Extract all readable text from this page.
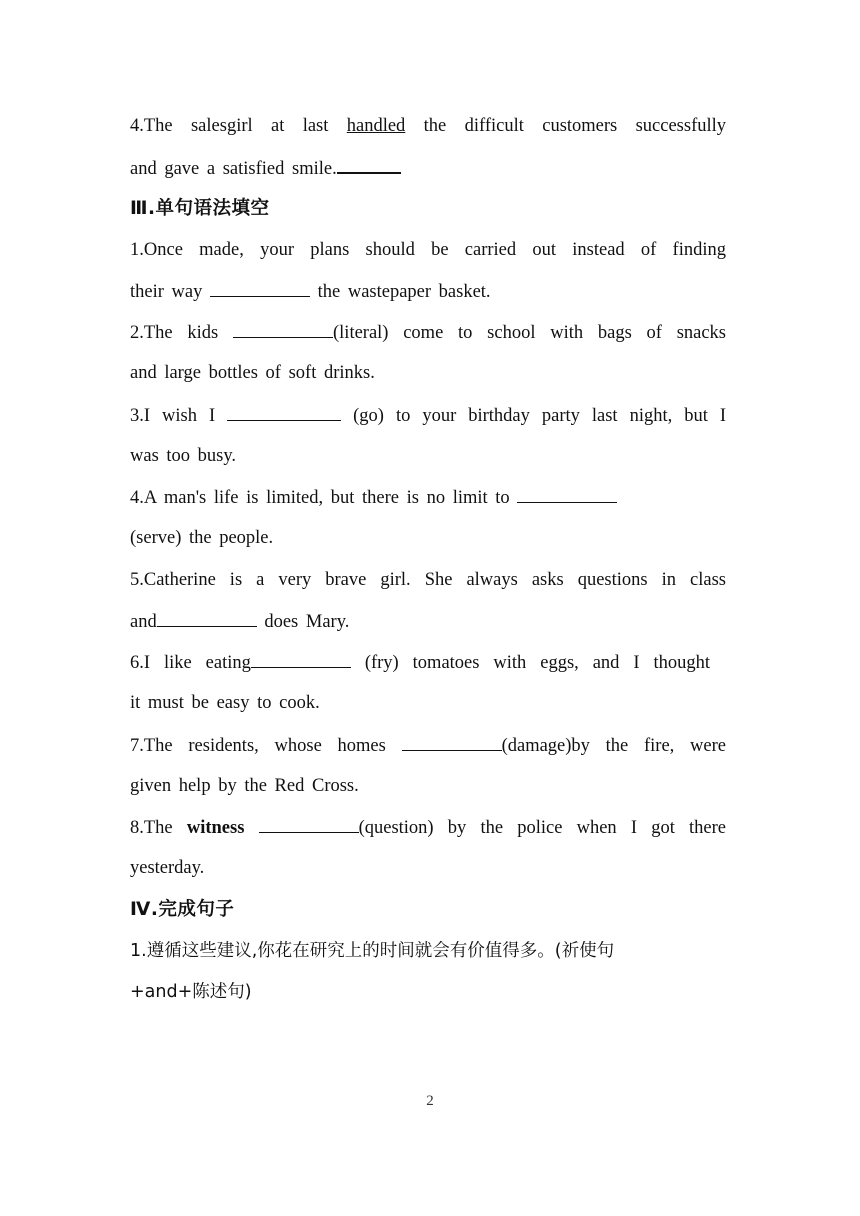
4.The salesgirl at last handled the difficult customers successfully
and gave a satisfied smile.
Ⅲ.单句语法填空
1.Once made, your plans should be carried out instead of finding
their way	the wastepaper basket.
2.The kids	(literal) come to school with bags of snacks
and large bottles of soft drinks.
3.I wish I	(go) to your birthday party last night, but I
was too busy.
4.A man's life is limited, but there is no limit to
(serve) the people.
5.Catherine is a very brave girl. She always asks questions in class
and	does Mary.
6.I like eating	(fry) tomatoes with eggs, and I thought
it must be easy to cook.
7.The residents, whose homes	(damage)by the fire, were
given help by the Red Cross.
8.The witness	(question) by the police when I got there
yesterday.
Ⅳ.完成句子
1.遵循这些建议,你花在研究上的时间就会有价值得多。(祈使句
+and+陈述句)
2
